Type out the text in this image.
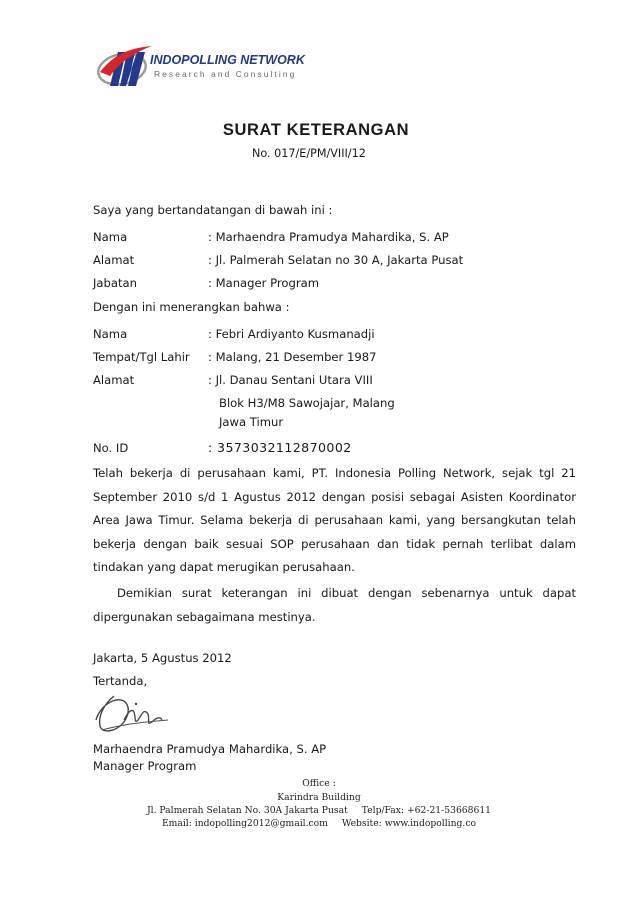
INDOPOLLING NETWORK
Research and Consulting
SURAT KETERANGAN
No. 017/E/PM/VIII/12
Saya yang bertandatangan di bawah ini :
Nama	: Marhaendra Pramudya Mahardika, S. AP
Alamat	: Jl. Palmerah Selatan no 30 A, Jakarta Pusat
Jabatan	: Manager Program
Dengan ini menerangkan bahwa :
Nama	: Febri Ardiyanto Kusmanadji
Tempat/Tgl Lahir : Malang, 21 Desember 1987
Alamat	: Jl. Danau Sentani Utara VIII
Blok H3/M8 Sawojajar, Malang
Jawa Timur
No. ID	: 3573032112870002

Telah bekerja di perusahaan kami, PT. Indonesia Polling Network, sejak tgl 21 September 2010 s/d 1 Agustus 2012 dengan posisi sebagai Asisten Koordinator Area Jawa Timur. Selama bekerja di perusahaan kami, yang bersangkutan telah bekerja dengan baik sesuai SOP perusahaan dan tidak pernah terlibat dalam tindakan yang dapat merugikan perusahaan.

Demikian surat keterangan ini dibuat dengan sebenarnya untuk dapat dipergunakan sebagaimana mestinya.

Jakarta, 5 Agustus 2012
Tertanda,
Marhaendra Pramudya Mahardika, S. AP
Manager Program
Office :
Karindra Building
Jl. Palmerah Selatan No. 30A Jakarta Pusat Telp/Fax: +62-21-53668611
Email: indopolling2012@gmail.com Website: www.indopolling.co
